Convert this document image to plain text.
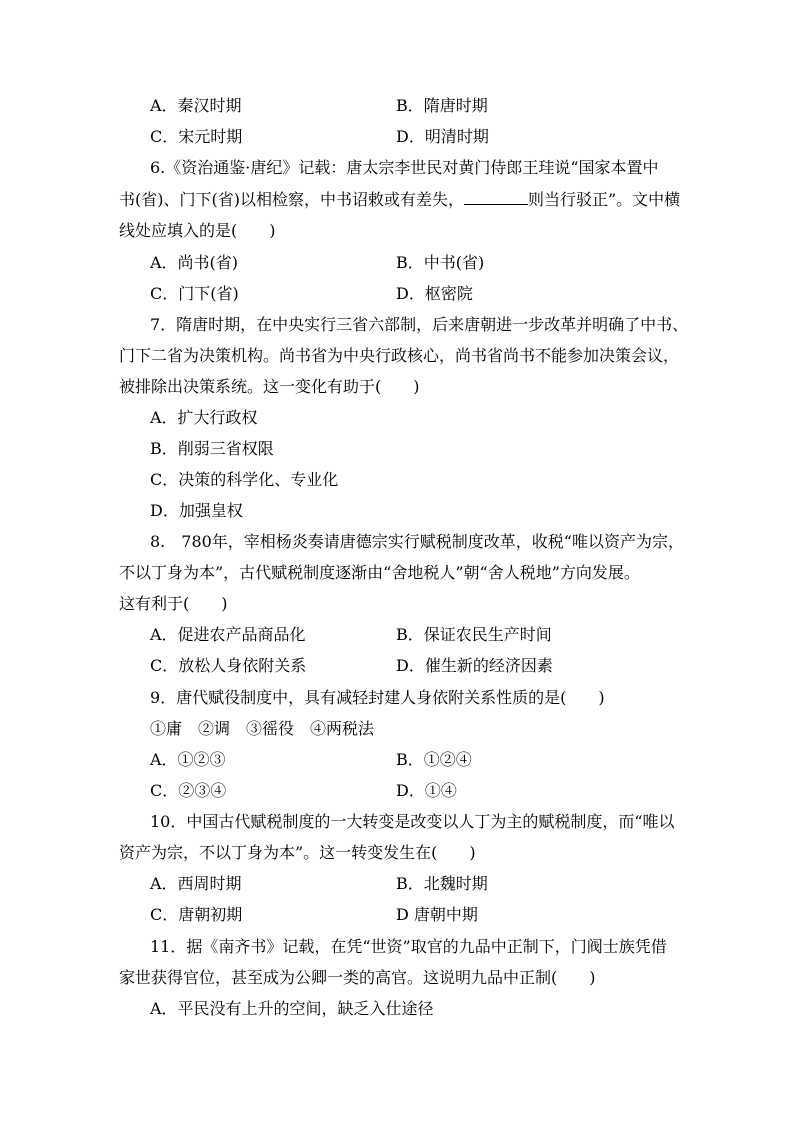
A．秦汉时期	B．隋唐时期
C．宋元时期	D．明清时期
6.《资治通鉴·唐纪》记载：唐太宗李世民对黄门侍郎王珪说“国家本置中
书(省)、门下(省)以相检察，中书诏敕或有差失，	则当行驳正”。文中横
线处应填入的是(　　)
A．尚书(省)	B．中书(省)
C．门下(省)	D．枢密院
7．隋唐时期，在中央实行三省六部制，后来唐朝进一步改革并明确了中书、
门下二省为决策机构。尚书省为中央行政核心，尚书省尚书不能参加决策会议，
被排除出决策系统。这一变化有助于(　　)
A．扩大行政权
B．削弱三省权限
C．决策的科学化、专业化
D．加强皇权
8.　780年，宰相杨炎奏请唐德宗实行赋税制度改革，收税“唯以资产为宗，
不以丁身为本”，古代赋税制度逐渐由“舍地税人”朝“舍人税地”方向发展。
这有利于(　　)
A．促进农产品商品化	B．保证农民生产时间
C．放松人身依附关系	D．催生新的经济因素
9．唐代赋役制度中，具有减轻封建人身依附关系性质的是(　　)
①庸　②调　③徭役　④两税法
A．①②③	B．①②④
C．②③④	D．①④
10．中国古代赋税制度的一大转变是改变以人丁为主的赋税制度，而“唯以
资产为宗，不以丁身为本”。这一转变发生在(　　)
A．西周时期	B．北魏时期
C．唐朝初期	D 唐朝中期
11．据《南齐书》记载，在凭“世资”取官的九品中正制下，门阀士族凭借
家世获得官位，甚至成为公卿一类的高官。这说明九品中正制(　　)
A．平民没有上升的空间，缺乏入仕途径
